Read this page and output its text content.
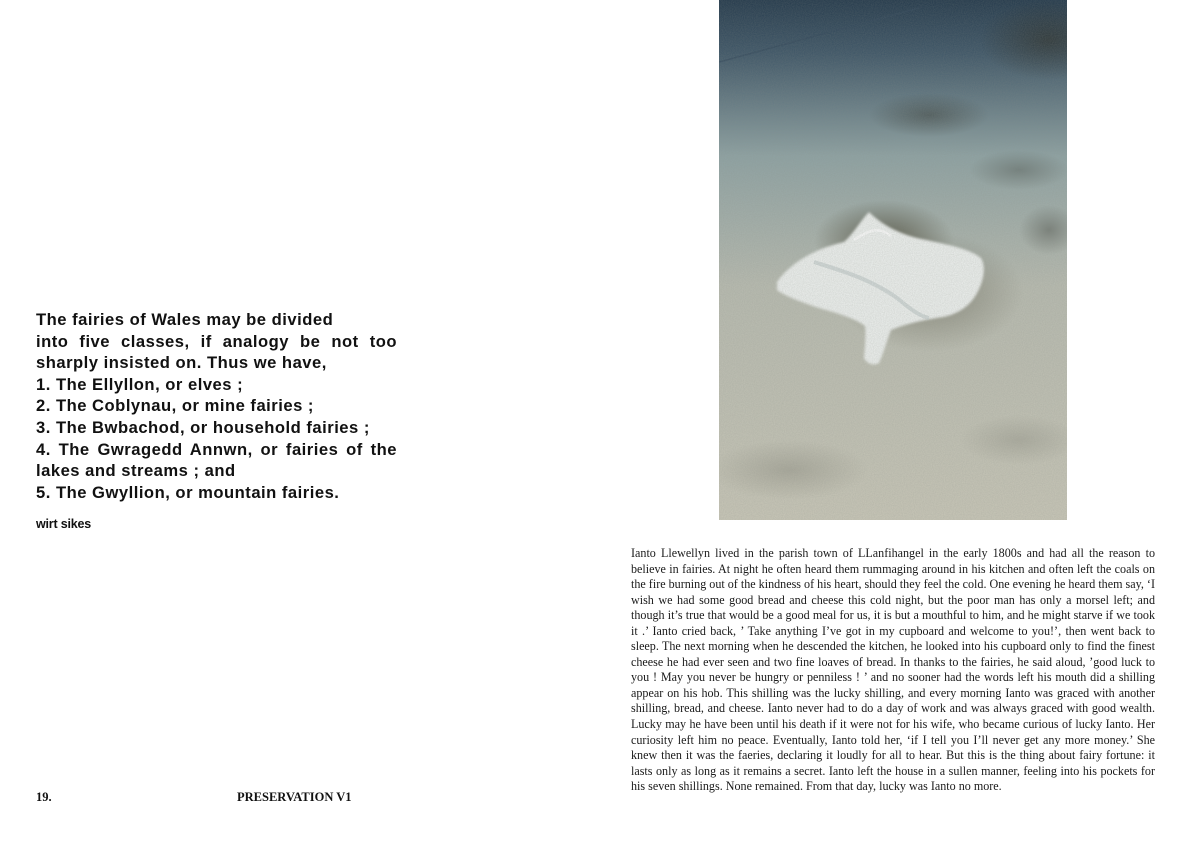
The fairies of Wales may be divided
into five classes, if analogy be not too
sharply insisted on. Thus we have,
1. The Ellyllon, or elves ;
2. The Coblynau, or mine fairies ;
3. The Bwbachod, or household fairies ;
4. The Gwragedd Annwn, or fairies of the
lakes and streams ; and
5. The Gwyllion, or mountain fairies.
wirt sikes
19.	PRESERVATION V1
Ianto Llewellyn lived in the parish town of LLanfihangel in the early 1800s and had all the reason to believe in fairies. At night he often heard them rummaging around in his kitchen and often left the coals on the fire burning out of the kindness of his heart, should they feel the cold. One evening he heard them say, ‘I wish we had some good bread and cheese this cold night, but the poor man has only a morsel left; and though it’s true that would be a good meal for us, it is but a mouthful to him, and he might starve if we took it .’ Ianto cried back, ’ Take anything I’ve got in my cupboard and welcome to you!’, then went back to sleep. The next morning when he descended the kitchen, he looked into his cupboard only to find the finest cheese he had ever seen and two fine loaves of bread. In thanks to the fairies, he said aloud, ’good luck to you ! May you never be hungry or penniless ! ’ and no sooner had the words left his mouth did a shilling appear on his hob. This shilling was the lucky shilling, and every morning Ianto was graced with another shilling, bread, and cheese. Ianto never had to do a day of work and was always graced with good wealth. Lucky may he have been until his death if it were not for his wife, who became curious of lucky Ianto. Her curiosity left him no peace. Eventually, Ianto told her, ‘if I tell you I’ll never get any more money.’ She knew then it was the faeries, declaring it loudly for all to hear. But this is the thing about fairy fortune: it lasts only as long as it remains a secret. Ianto left the house in a sullen manner, feeling into his pockets for his seven shillings. None remained. From that day, lucky was Ianto no more.
